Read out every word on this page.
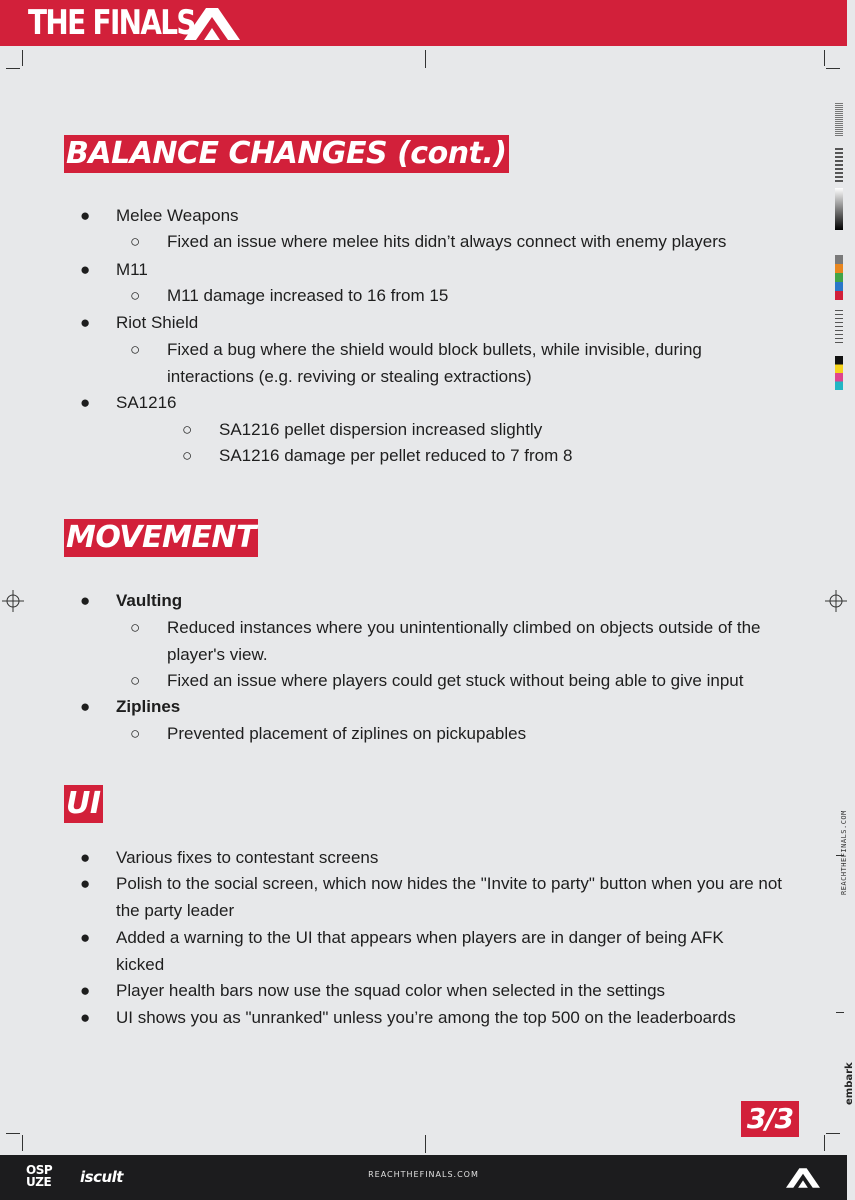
THE FINALS
BALANCE CHANGES (cont.)
● Melee Weapons
○ Fixed an issue where melee hits didn’t always connect with enemy players
● M11
○ M11 damage increased to 16 from 15
● Riot Shield
○ Fixed a bug where the shield would block bullets, while invisible, during interactions (e.g. reviving or stealing extractions)
● SA1216
○ SA1216 pellet dispersion increased slightly
○ SA1216 damage per pellet reduced to 7 from 8
MOVEMENT
● Vaulting
○ Reduced instances where you unintentionally climbed on objects outside of the player's view.
○ Fixed an issue where players could get stuck without being able to give input
● Ziplines
○ Prevented placement of ziplines on pickupables
UI
● Various fixes to contestant screens
● Polish to the social screen, which now hides the "Invite to party" button when you are not the party leader
● Added a warning to the UI that appears when players are in danger of being AFK kicked
● Player health bars now use the squad color when selected in the settings
● UI shows you as "unranked" unless you’re among the top 500 on the leaderboards
REACHTHEFINALS.COM
embark
3/3
OSP
UZE	iscult	REACHTHEFINALS.COM
